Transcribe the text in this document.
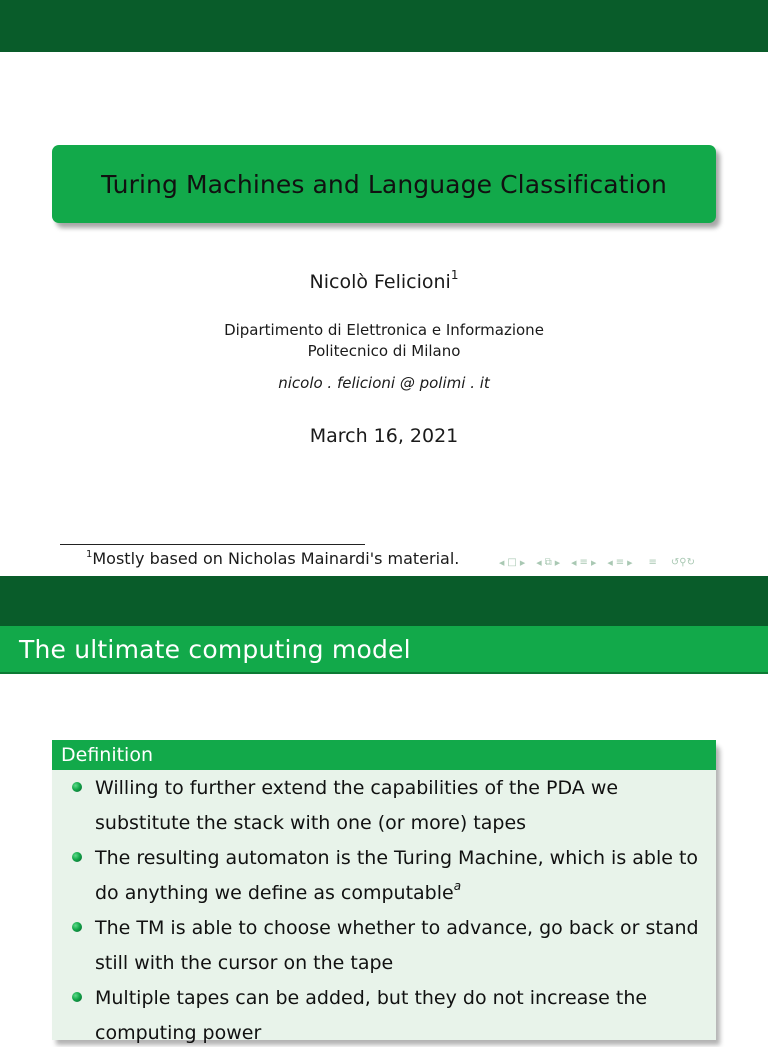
Turing Machines and Language Classification
Nicolò Felicioni$^1$
Dipartimento di Elettronica e Informazione
Politecnico di Milano
nicolo . felicioni @ polimi . it
March 16, 2021
$^1$Mostly based on Nicholas Mainardi's material.	◀ □ ▶ ◀ ⧉ ▶ ◀ ≡ ▶ ◀ ≡ ▶ ≡ ↺⚲↻
The ultimate computing model
Definition
Willing to further extend the capabilities of the PDA we substitute the stack with one (or more) tapes
The resulting automaton is the Turing Machine, which is able to do anything we define as computable$^a$
The TM is able to choose whether to advance, go back or stand still with the cursor on the tape
Multiple tapes can be added, but they do not increase the computing power
